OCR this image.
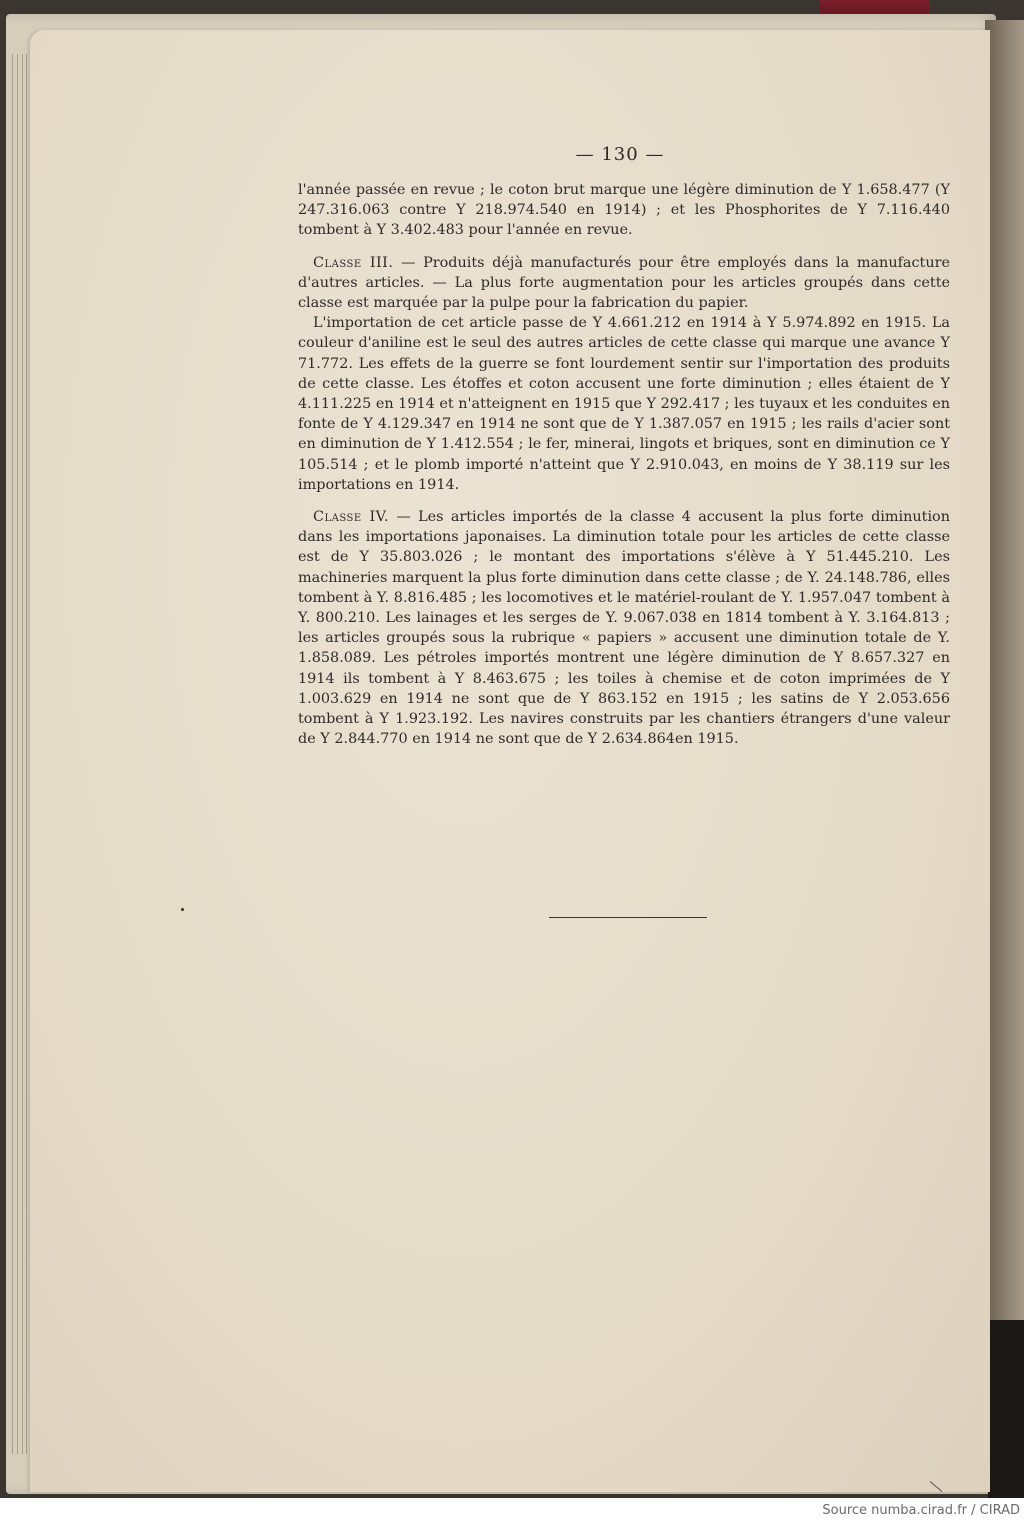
— 130 —

l'année passée en revue ; le coton brut marque une légère diminution de Y 1.658.477 (Y 247.316.063 contre Y 218.974.540 en 1914) ; et les Phosphorites de Y 7.116.440 tombent à Y 3.402.483 pour l'année en revue.

Classe III. — Produits déjà manufacturés pour être employés dans la manufacture d'autres articles. — La plus forte augmentation pour les articles groupés dans cette classe est marquée par la pulpe pour la fabrication du papier.

L'importation de cet article passe de Y 4.661.212 en 1914 à Y 5.974.892 en 1915. La couleur d'aniline est le seul des autres articles de cette classe qui marque une avance Y 71.772. Les effets de la guerre se font lourdement sentir sur l'importation des produits de cette classe. Les étoffes et coton accusent une forte diminution ; elles étaient de Y 4.111.225 en 1914 et n'atteignent en 1915 que Y 292.417 ; les tuyaux et les conduites en fonte de Y 4.129.347 en 1914 ne sont que de Y 1.387.057 en 1915 ; les rails d'acier sont en diminution de Y 1.412.554 ; le fer, minerai, lingots et briques, sont en diminution ce Y 105.514 ; et le plomb importé n'atteint que Y 2.910.043, en moins de Y 38.119 sur les importations en 1914.

Classe IV. — Les articles importés de la classe 4 accusent la plus forte diminution dans les importations japonaises. La diminution totale pour les articles de cette classe est de Y 35.803.026 ; le montant des importations s'élève à Y 51.445.210. Les machineries marquent la plus forte diminution dans cette classe ; de Y. 24.148.786, elles tombent à Y. 8.816.485 ; les locomotives et le matériel-roulant de Y. 1.957.047 tombent à Y. 800.210. Les lainages et les serges de Y. 9.067.038 en 1814 tombent à Y. 3.164.813 ; les articles groupés sous la rubrique « papiers » accusent une diminution totale de Y. 1.858.089. Les pétroles importés montrent une légère diminution de Y 8.657.327 en 1914 ils tombent à Y 8.463.675 ; les toiles à chemise et de coton imprimées de Y 1.003.629 en 1914 ne sont que de Y 863.152 en 1915 ; les satins de Y 2.053.656 tombent à Y 1.923.192. Les navires construits par les chantiers étrangers d'une valeur de Y 2.844.770 en 1914 ne sont que de Y 2.634.864en 1915.

Source numba.cirad.fr / CIRAD
